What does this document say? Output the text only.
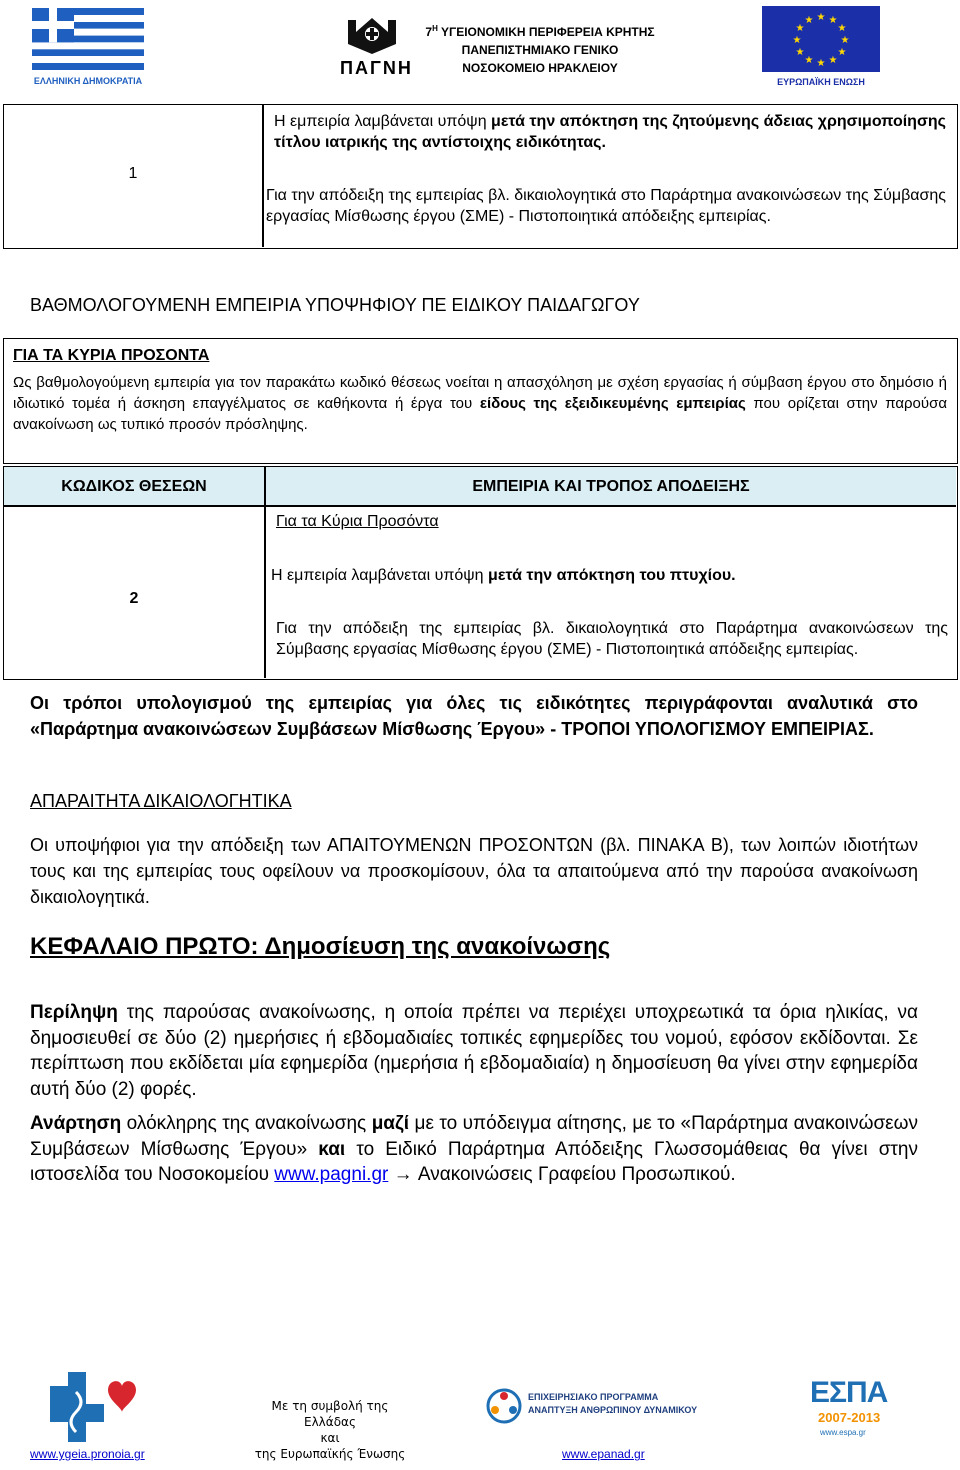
ΕΛΛΗΝΙΚΗ ΔΗΜΟΚΡΑΤΙΑ
ΠΑΓΝΗ
$7^H$ ΥΓΕΙΟΝΟΜΙΚΗ ΠΕΡΙΦΕΡΕΙΑ ΚΡΗΤΗΣ
ΠΑΝΕΠΙΣΤΗΜΙΑΚΟ ΓΕΝΙΚΟ
ΝΟΣΟΚΟΜΕΙΟ ΗΡΑΚΛΕΙΟΥ
★ ★
★
★
★
★
★
★
★
★
★
★
ΕΥΡΩΠΑΪΚΗ ΕΝΩΣΗ
1
Η εμπειρία λαμβάνεται υπόψη μετά την απόκτηση της ζητούμενης άδειας χρησιμοποίησης τίτλου ιατρικής της αντίστοιχης ειδικότητας.
Για την απόδειξη της εμπειρίας βλ. δικαιολογητικά στο Παράρτημα ανακοινώσεων της Σύμβασης εργασίας Μίσθωσης έργου (ΣΜΕ) - Πιστοποιητικά απόδειξης εμπειρίας.
ΒΑΘΜΟΛΟΓΟΥΜΕΝΗ ΕΜΠΕΙΡΙΑ ΥΠΟΨΗΦΙΟΥ ΠΕ ΕΙΔΙΚΟΥ ΠΑΙΔΑΓΩΓΟΥ
ΓΙΑ ΤΑ ΚΥΡΙΑ ΠΡΟΣΟΝΤΑ
Ως βαθμολογούμενη εμπειρία για τον παρακάτω κωδικό θέσεως νοείται η απασχόληση με σχέση εργασίας ή σύμβαση έργου στο δημόσιο ή ιδιωτικό τομέα ή άσκηση επαγγέλματος σε καθήκοντα ή έργα του είδους της εξειδικευμένης εμπειρίας που ορίζεται στην παρούσα ανακοίνωση ως τυπικό προσόν πρόσληψης.
ΚΩΔΙΚΟΣ ΘΕΣΕΩΝ	ΕΜΠΕΙΡΙΑ ΚΑΙ ΤΡΟΠΟΣ ΑΠΟΔΕΙΞΗΣ
Για τα Κύρια Προσόντα
2
Η εμπειρία λαμβάνεται υπόψη μετά την απόκτηση του πτυχίου.
Για την απόδειξη της εμπειρίας βλ. δικαιολογητικά στο Παράρτημα ανακοινώσεων της Σύμβασης εργασίας Μίσθωσης έργου (ΣΜΕ) - Πιστοποιητικά απόδειξης εμπειρίας.
Οι τρόποι υπολογισμού της εμπειρίας για όλες τις ειδικότητες περιγράφονται αναλυτικά στο «Παράρτημα ανακοινώσεων Συμβάσεων Μίσθωσης Έργου» - ΤΡΟΠΟΙ ΥΠΟΛΟΓΙΣΜΟΥ ΕΜΠΕΙΡΙΑΣ.
ΑΠΑΡΑΙΤΗΤΑ ΔΙΚΑΙΟΛΟΓΗΤΙΚΑ
Οι υποψήφιοι για την απόδειξη των ΑΠΑΙΤΟΥΜΕΝΩΝ ΠΡΟΣΟΝΤΩΝ (βλ. ΠΙΝΑΚΑ Β), των λοιπών ιδιοτήτων τους και της εμπειρίας τους οφείλουν να προσκομίσουν, όλα τα απαιτούμενα από την παρούσα ανακοίνωση δικαιολογητικά.
ΚΕΦΑΛΑΙΟ ΠΡΩΤΟ: Δημοσίευση της ανακοίνωσης
Περίληψη της παρούσας ανακοίνωσης, η οποία πρέπει να περιέχει υποχρεωτικά τα όρια ηλικίας, να δημοσιευθεί σε δύο (2) ημερήσιες ή εβδομαδιαίες τοπικές εφημερίδες του νομού, εφόσον εκδίδονται. Σε περίπτωση που εκδίδεται μία εφημερίδα (ημερήσια ή εβδομαδιαία) η δημοσίευση θα γίνει στην εφημερίδα αυτή δύο (2) φορές.
Ανάρτηση ολόκληρης της ανακοίνωσης μαζί με το υπόδειγμα αίτησης, με το «Παράρτημα ανακοινώσεων Συμβάσεων Μίσθωσης Έργου» και το Ειδικό Παράρτημα Απόδειξης Γλωσσομάθειας θα γίνει στην ιστοσελίδα του Νοσοκομείου www.pagni.gr → Ανακοινώσεις Γραφείου Προσωπικού.
www.ygeia.pronoia.gr
Με τη συμβολή της Ελλάδας
και
της Ευρωπαϊκής Ένωσης
ΕΠΙΧΕΙΡΗΣΙΑΚΟ ΠΡΟΓΡΑΜΜΑ
ΑΝΑΠΤΥΞΗ ΑΝΘΡΩΠΙΝΟΥ ΔΥΝΑΜΙΚΟΥ
www.epanad.gr
ΕΣΠΑ
2007-2013
www.espa.gr
